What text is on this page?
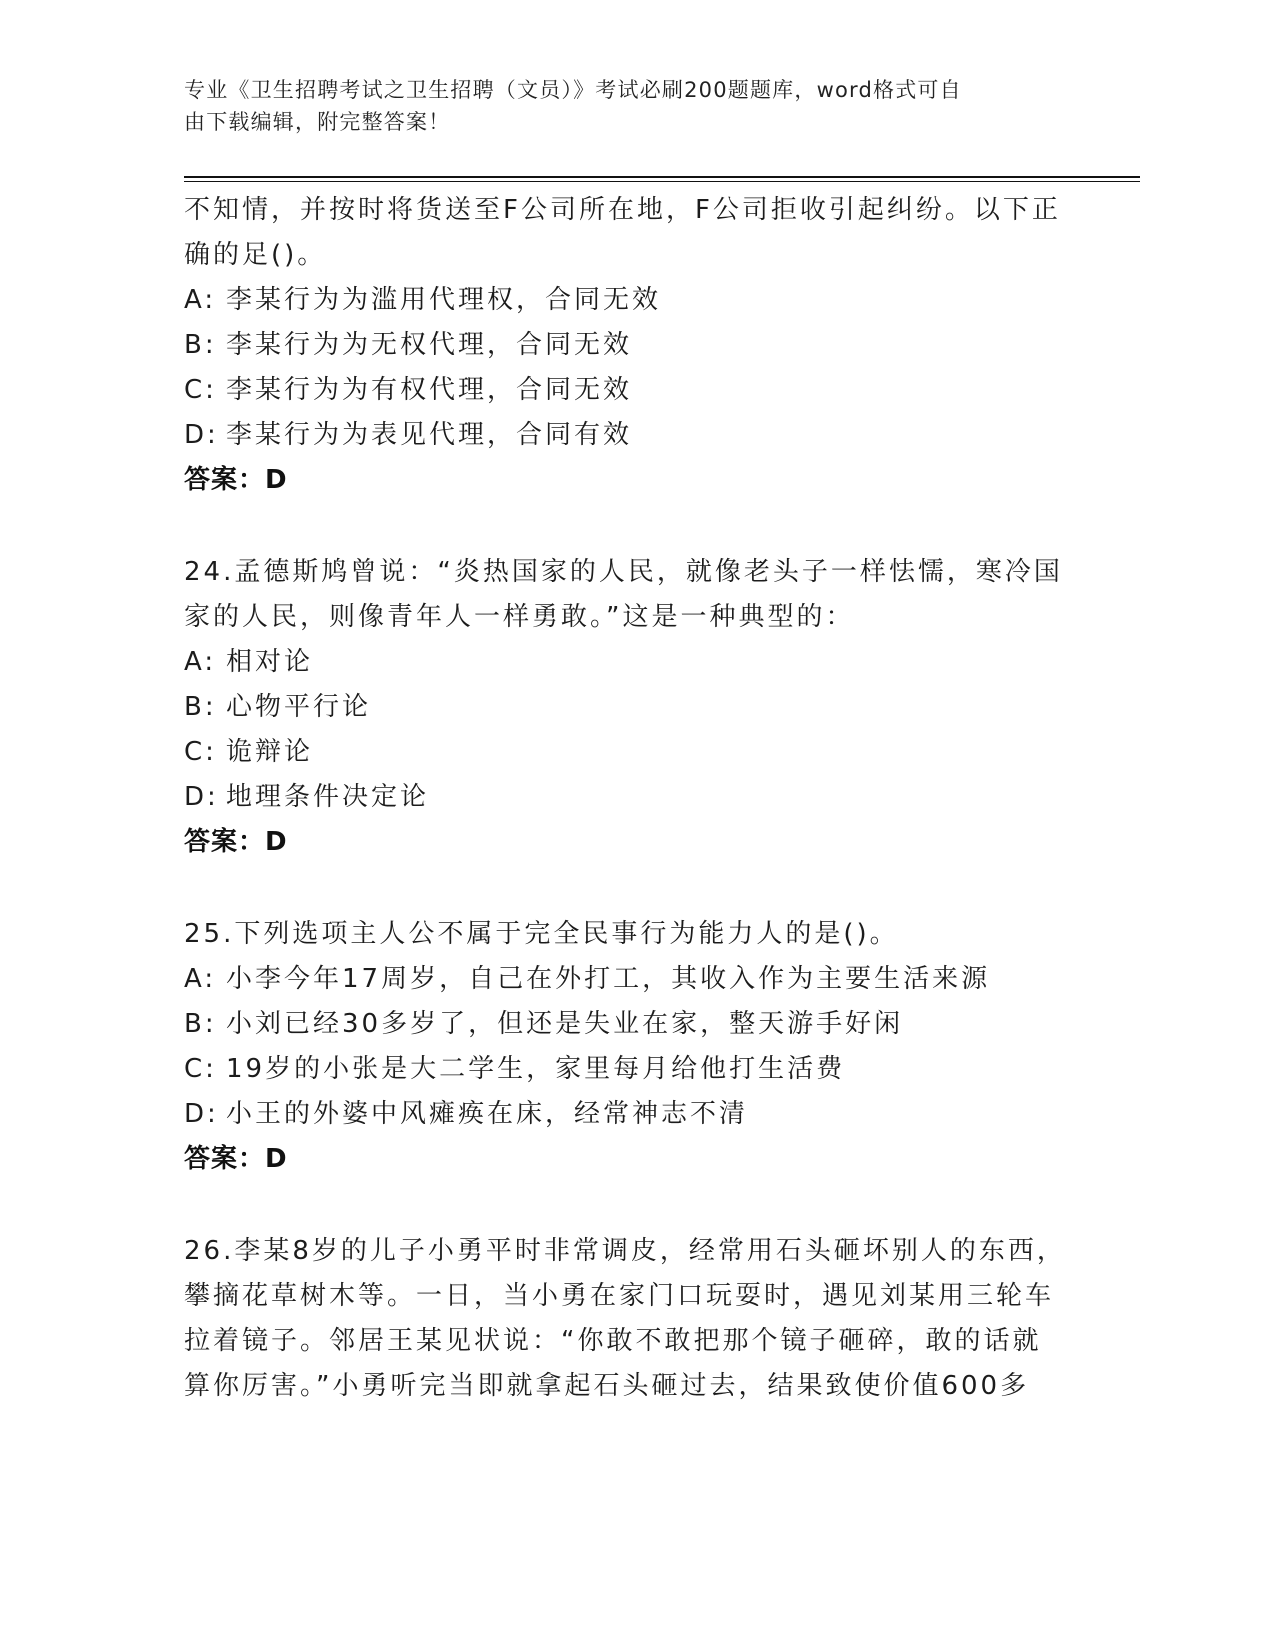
专业《卫生招聘考试之卫生招聘（文员）》考试必刷200题题库，word格式可自
由下载编辑，附完整答案！
不知情，并按时将货送至F公司所在地，F公司拒收引起纠纷。以下正
确的足()。
A: 李某行为为滥用代理权，合同无效
B: 李某行为为无权代理，合同无效
C: 李某行为为有权代理，合同无效
D: 李某行为为表见代理，合同有效
答案：D
24.孟德斯鸠曾说：“炎热国家的人民，就像老头子一样怯懦，寒冷国
家的人民，则像青年人一样勇敢。”这是一种典型的：
A: 相对论
B: 心物平行论
C: 诡辩论
D: 地理条件决定论
答案：D
25.下列选项主人公不属于完全民事行为能力人的是()。
A: 小李今年17周岁，自己在外打工，其收入作为主要生活来源
B: 小刘已经30多岁了，但还是失业在家，整天游手好闲
C: 19岁的小张是大二学生，家里每月给他打生活费
D: 小王的外婆中风瘫痪在床，经常神志不清
答案：D
26.李某8岁的儿子小勇平时非常调皮，经常用石头砸坏别人的东西，
攀摘花草树木等。一日，当小勇在家门口玩耍时，遇见刘某用三轮车
拉着镜子。邻居王某见状说：“你敢不敢把那个镜子砸碎，敢的话就
算你厉害。”小勇听完当即就拿起石头砸过去，结果致使价值600多
